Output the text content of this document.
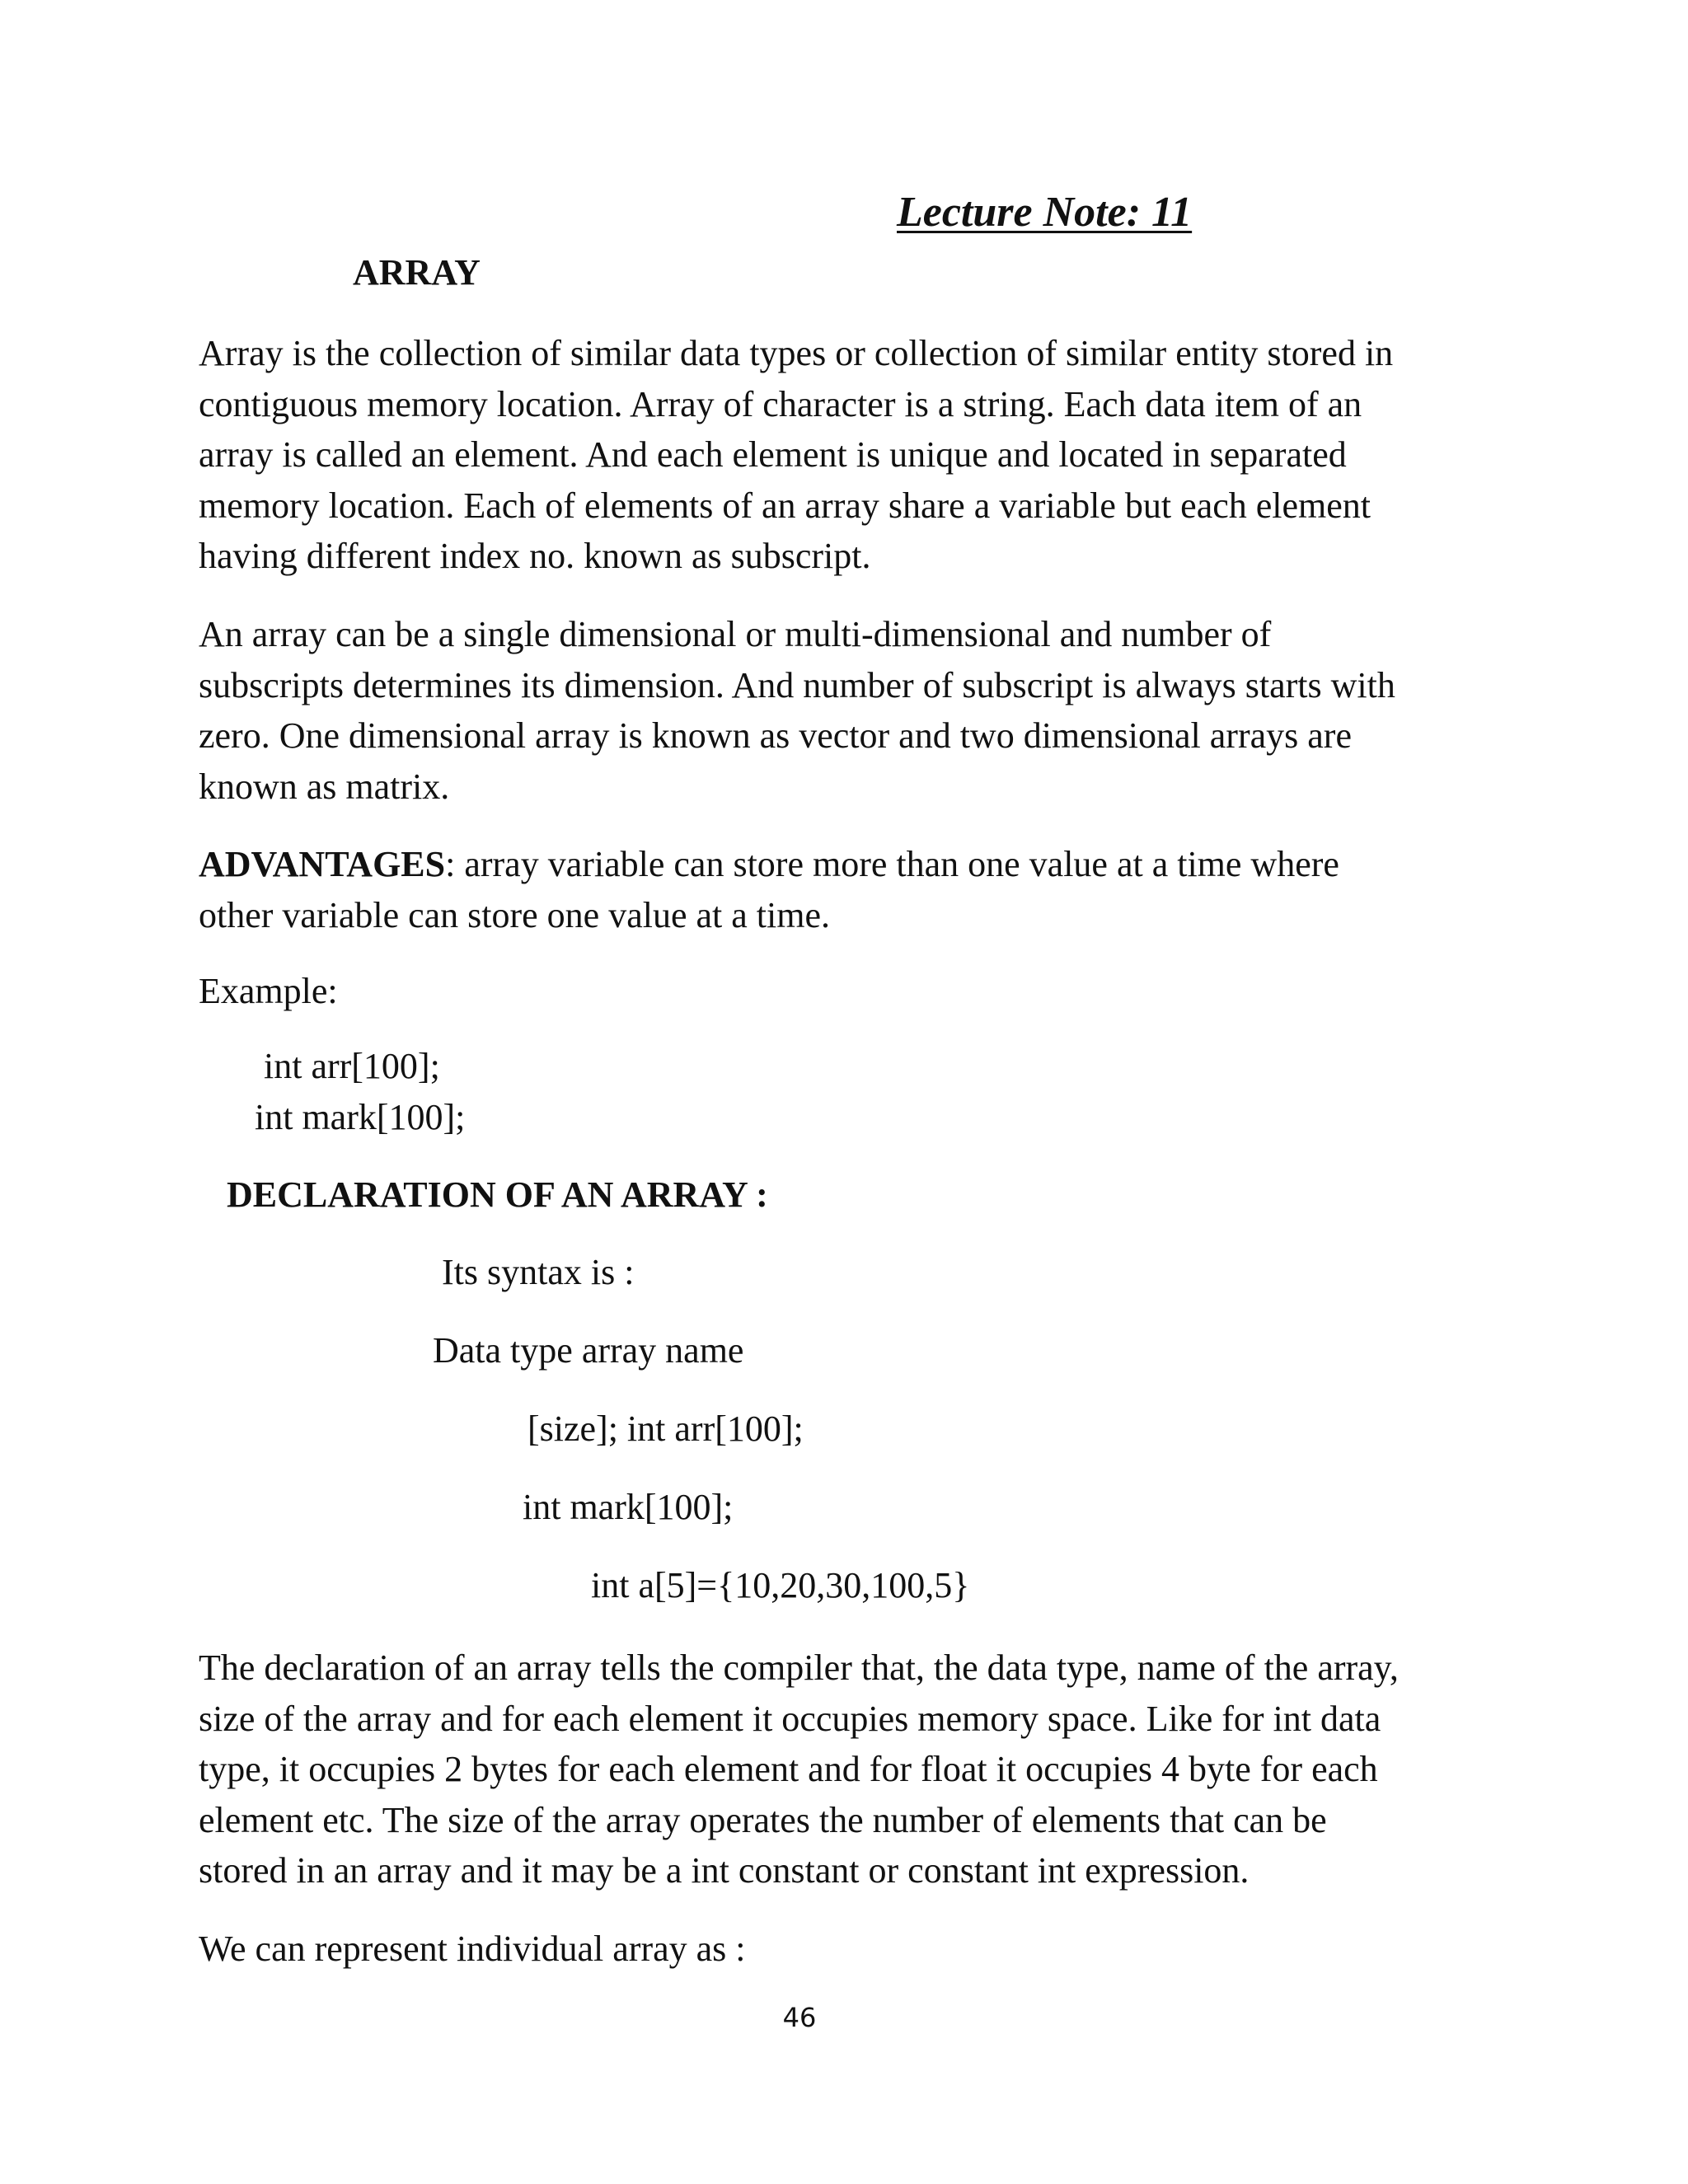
Lecture Note: 11
ARRAY

Array is the collection of similar data types or collection of similar entity stored in
contiguous memory location. Array of character is a string. Each data item of an
array is called an element. And each element is unique and located in separated
memory location. Each of elements of an array share a variable but each element
having different index no. known as subscript.

An array can be a single dimensional or multi-dimensional and number of
subscripts determines its dimension. And number of subscript is always starts with
zero. One dimensional array is known as vector and two dimensional arrays are
known as matrix.

ADVANTAGES: array variable can store more than one value at a time where
other variable can store one value at a time.

Example:

int arr[100];
int mark[100];
DECLARATION OF AN ARRAY :
Its syntax is :
Data type array name
[size]; int arr[100];
int mark[100];
int a[5]={10,20,30,100,5}

The declaration of an array tells the compiler that, the data type, name of the array,
size of the array and for each element it occupies memory space. Like for int data
type, it occupies 2 bytes for each element and for float it occupies 4 byte for each
element etc. The size of the array operates the number of elements that can be
stored in an array and it may be a int constant or constant int expression.

We can represent individual array as :

46
